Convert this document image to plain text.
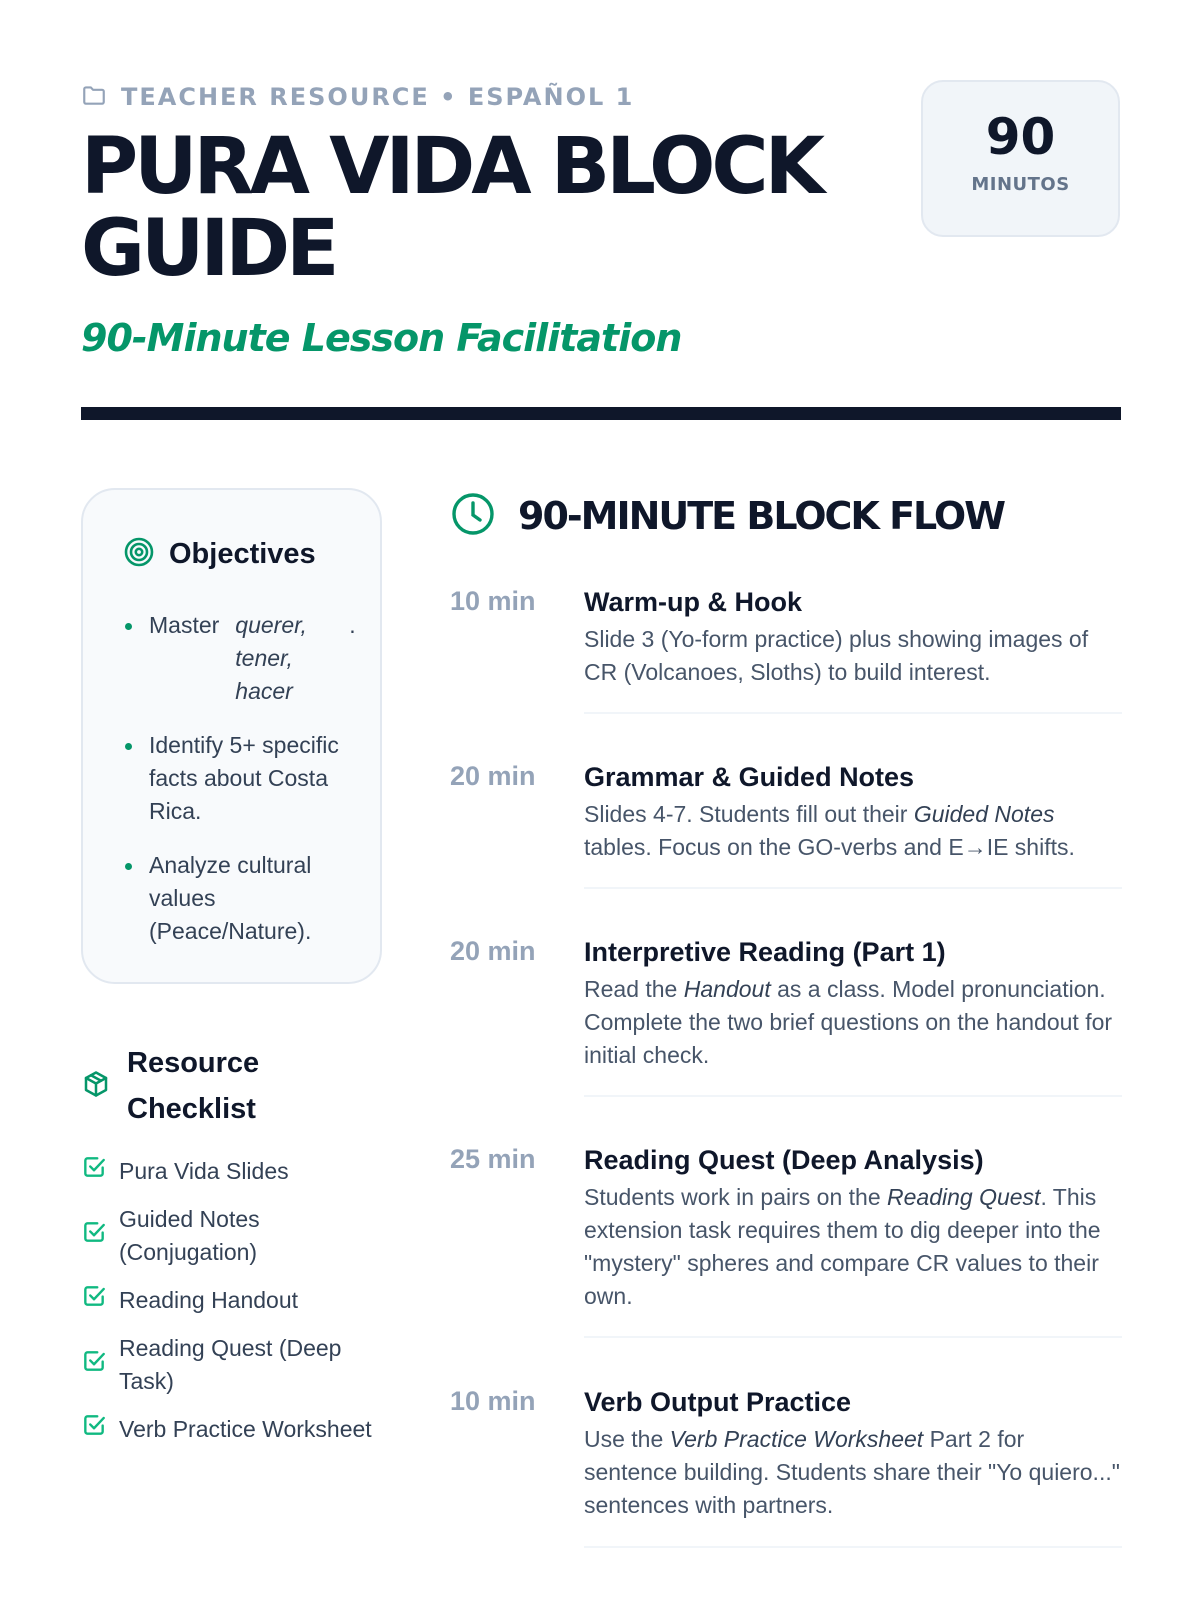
TEACHER RESOURCE • ESPAÑOL 1
PURA VIDA BLOCK GUIDE
90-Minute Lesson Facilitation
90
MINUTOS
Objectives
Master querer, tener, hacer
.
Identify 5+ specific facts about Costa Rica.
Analyze cultural values (Peace/Nature).
Resource Checklist
Pura Vida Slides
Guided Notes (Conjugation)
Reading Handout
Reading Quest (Deep Task)
Verb Practice Worksheet
90-MINUTE BLOCK FLOW
10 min Warm-up & Hook
Slide 3 (Yo-form practice) plus showing images of CR (Volcanoes, Sloths) to build interest.
20 min Grammar & Guided Notes
Slides 4-7. Students fill out their Guided Notes tables. Focus on the GO-verbs and E→IE shifts.
20 min Interpretive Reading (Part 1)
Read the Handout as a class. Model pronunciation. Complete the two brief questions on the handout for initial check.
25 min Reading Quest (Deep Analysis)
Students work in pairs on the Reading Quest. This extension task requires them to dig deeper into the "mystery" spheres and compare CR values to their own.
10 min Verb Output Practice
Use the Verb Practice Worksheet Part 2 for sentence building. Students share their "Yo quiero..." sentences with partners.
